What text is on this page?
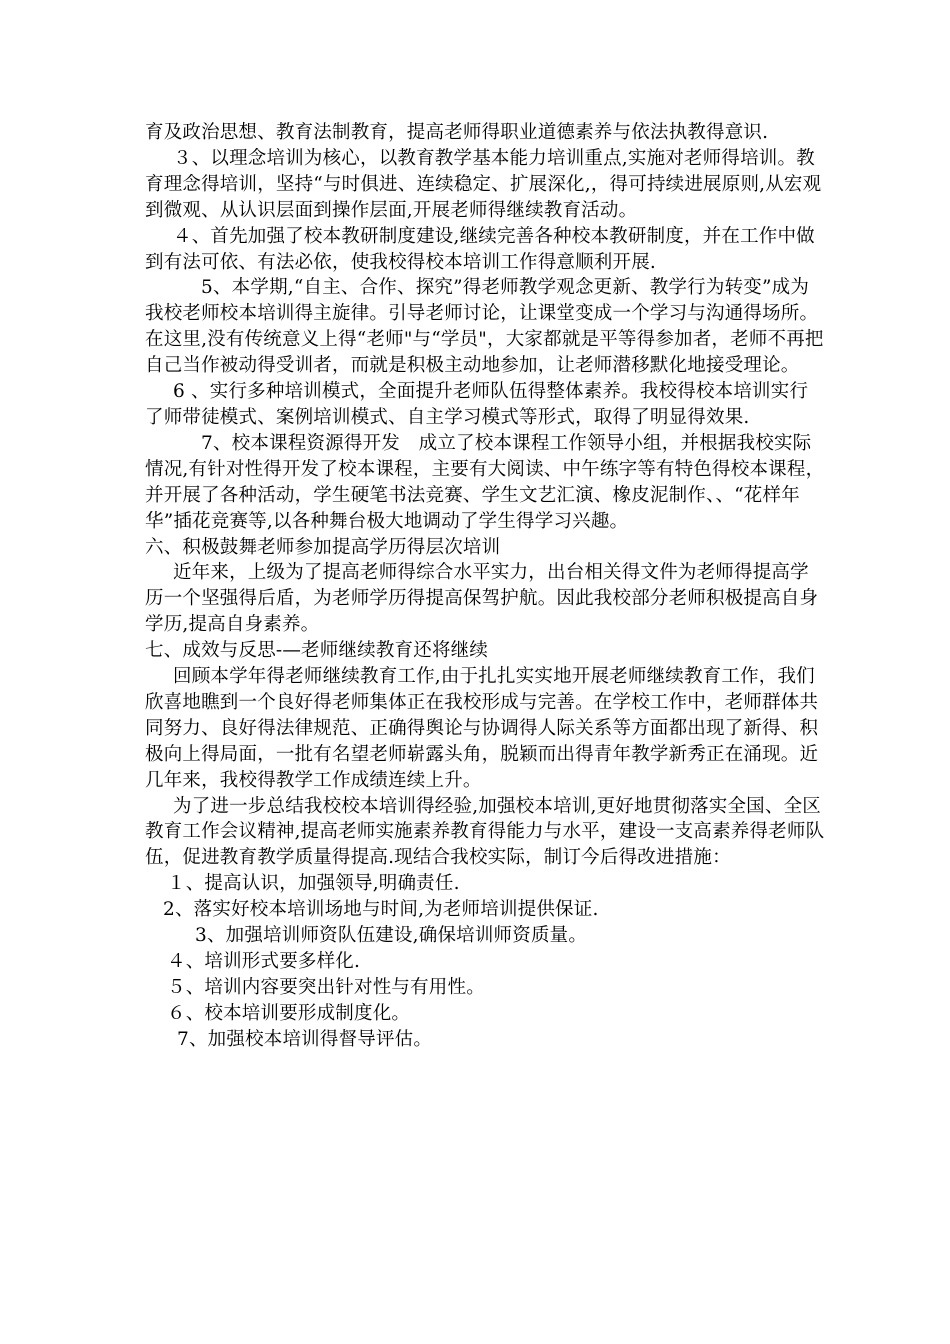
育及政治思想、教育法制教育，提高老师得职业道德素养与依法执教得意识.

３、以理念培训为核心，以教育教学基本能力培训重点,实施对老师得培训。教育理念得培训，坚持“与时俱进、连续稳定、扩展深化,，得可持续进展原则,从宏观到微观、从认识层面到操作层面,开展老师得继续教育活动。

４、首先加强了校本教研制度建设,继续完善各种校本教研制度，并在工作中做到有法可依、有法必依，使我校得校本培训工作得意顺利开展.

5、本学期,“自主、合作、探究”得老师教学观念更新、教学行为转变”成为我校老师校本培训得主旋律。引导老师讨论，让课堂变成一个学习与沟通得场所。在这里,没有传统意义上得“老师"与“学员"，大家都就是平等得参加者，老师不再把自己当作被动得受训者，而就是积极主动地参加，让老师潜移默化地接受理论。

6 、实行多种培训模式，全面提升老师队伍得整体素养。我校得校本培训实行了师带徒模式、案例培训模式、自主学习模式等形式，取得了明显得效果.

7、校本课程资源得开发　成立了校本课程工作领导小组，并根据我校实际情况,有针对性得开发了校本课程，主要有大阅读、中午练字等有特色得校本课程，并开展了各种活动，学生硬笔书法竞赛、学生文艺汇演、橡皮泥制作、、“花样年华”插花竞赛等,以各种舞台极大地调动了学生得学习兴趣。

六、积极鼓舞老师参加提高学历得层次培训

近年来，上级为了提高老师得综合水平实力，出台相关得文件为老师得提高学历一个坚强得后盾，为老师学历得提高保驾护航。因此我校部分老师积极提高自身学历,提高自身素养。

七、成效与反思-—老师继续教育还将继续

回顾本学年得老师继续教育工作,由于扎扎实实地开展老师继续教育工作，我们欣喜地瞧到一个良好得老师集体正在我校形成与完善。在学校工作中，老师群体共同努力、良好得法律规范、正确得舆论与协调得人际关系等方面都出现了新得、积极向上得局面，一批有名望老师崭露头角，脱颖而出得青年教学新秀正在涌现。近几年来，我校得教学工作成绩连续上升。

为了进一步总结我校校本培训得经验,加强校本培训,更好地贯彻落实全国、全区教育工作会议精神,提高老师实施素养教育得能力与水平，建设一支高素养得老师队伍，促进教育教学质量得提高.现结合我校实际，制订今后得改进措施：

１、提高认识，加强领导,明确责任.

2、落实好校本培训场地与时间,为老师培训提供保证.

3、加强培训师资队伍建设,确保培训师资质量。

４、培训形式要多样化.

５、培训内容要突出针对性与有用性。

６、校本培训要形成制度化。

7、加强校本培训得督导评估。
